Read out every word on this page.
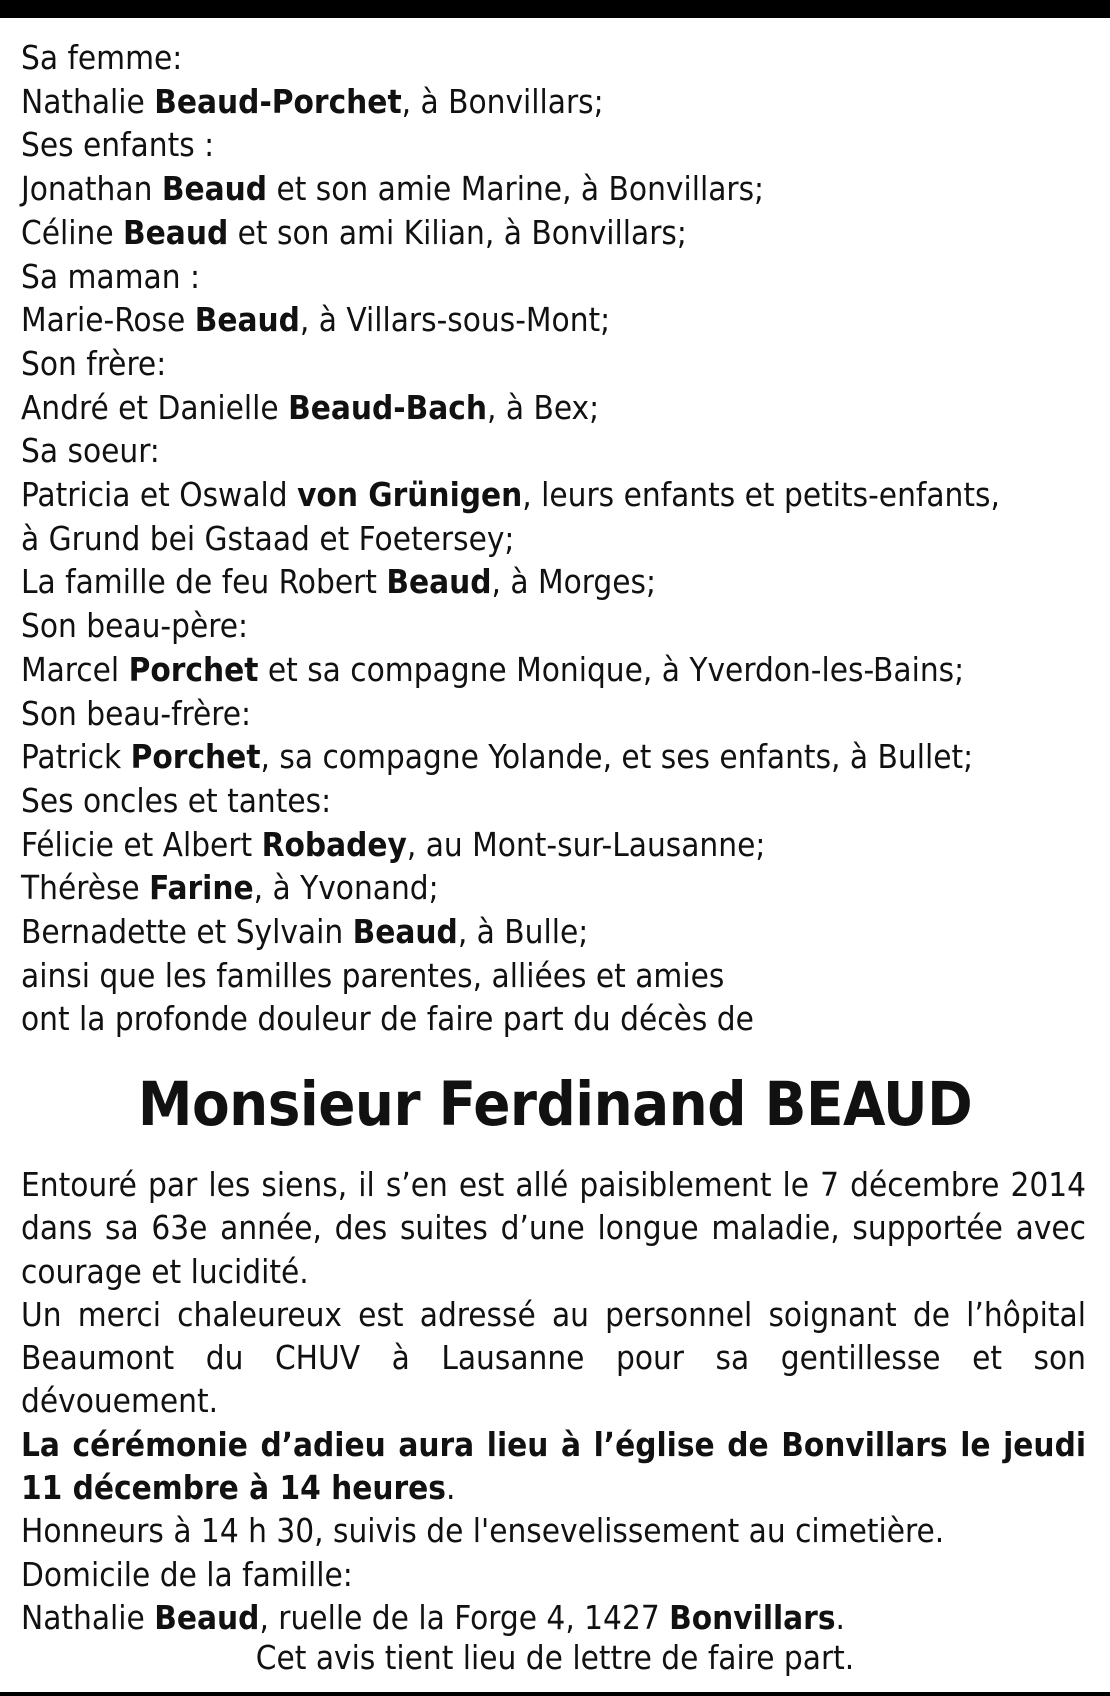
Sa femme:
Nathalie Beaud-Porchet, à Bonvillars;
Ses enfants :
Jonathan Beaud et son amie Marine, à Bonvillars;
Céline Beaud et son ami Kilian, à Bonvillars;
Sa maman :
Marie-Rose Beaud, à Villars-sous-Mont;
Son frère:
André et Danielle Beaud-Bach, à Bex;
Sa soeur:
Patricia et Oswald von Grünigen, leurs enfants et petits-enfants,
à Grund bei Gstaad et Foetersey;
La famille de feu Robert Beaud, à Morges;
Son beau-père:
Marcel Porchet et sa compagne Monique, à Yverdon-les-Bains;
Son beau-frère:
Patrick Porchet, sa compagne Yolande, et ses enfants, à Bullet;
Ses oncles et tantes:
Félicie et Albert Robadey, au Mont-sur-Lausanne;
Thérèse Farine, à Yvonand;
Bernadette et Sylvain Beaud, à Bulle;
ainsi que les familles parentes, alliées et amies
ont la profonde douleur de faire part du décès de
Monsieur Ferdinand BEAUD

Entouré par les siens, il s’en est allé paisiblement le 7 décembre 2014 dans sa 63e année, des suites d’une longue maladie, supportée avec courage et lucidité.

Un merci chaleureux est adressé au personnel soignant de l’hôpital Beaumont du CHUV à Lausanne pour sa gentillesse et son dévouement.

La cérémonie d’adieu aura lieu à l’église de Bonvillars le jeudi 11 décembre à 14 heures.

Honneurs à 14 h 30, suivis de l'ensevelissement au cimetière.

Domicile de la famille:

Nathalie Beaud, ruelle de la Forge 4, 1427 Bonvillars.

Cet avis tient lieu de lettre de faire part.
